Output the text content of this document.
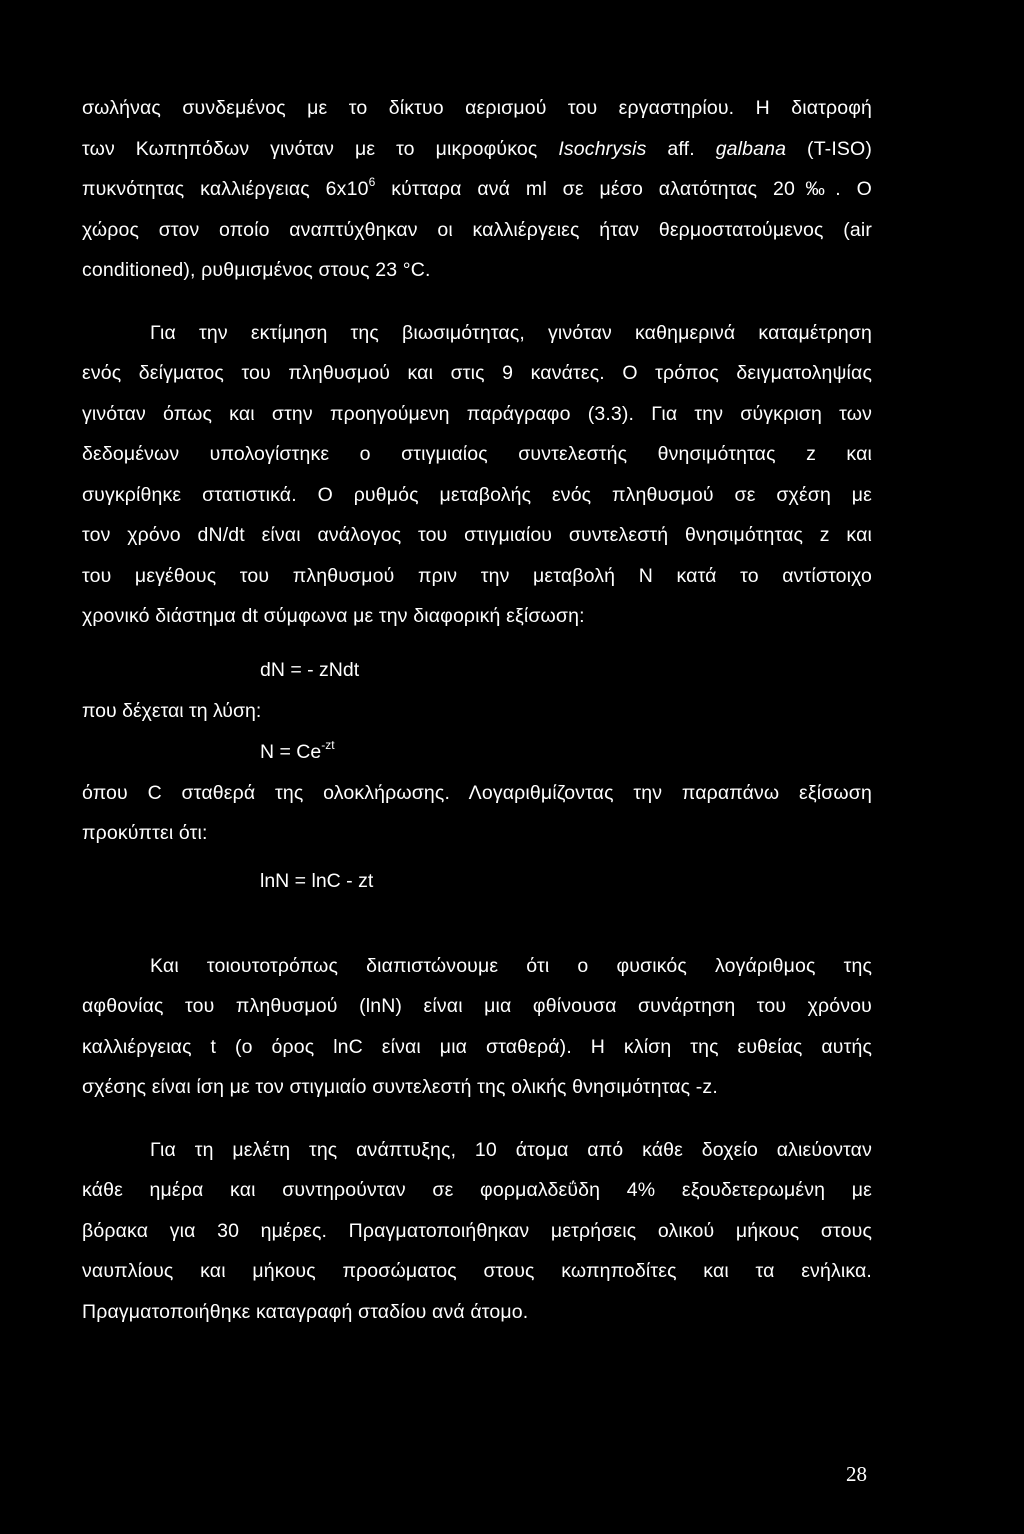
σωλήνας συνδεμένος με το δίκτυο αερισμού του εργαστηρίου. Η διατροφή
των Κωπηπόδων γινόταν με το μικροφύκος Isochrysis aff. galbana (T-ISO)
πυκνότητας καλλιέργειας $6x10^6$ κύτταρα ανά ml σε μέσο αλατότητας 20‰. Ο
χώρος στον οποίο αναπτύχθηκαν οι καλλιέργειες ήταν θερμοστατούμενος (air
conditioned), ρυθμισμένος στους 23 °C.
Για την εκτίμηση της βιωσιμότητας, γινόταν καθημερινά καταμέτρηση
ενός δείγματος του πληθυσμού και στις 9 κανάτες. Ο τρόπος δειγματοληψίας
γινόταν όπως και στην προηγούμενη παράγραφο (3.3). Για την σύγκριση των
δεδομένων υπολογίστηκε ο στιγμιαίος συντελεστής θνησιμότητας z και
συγκρίθηκε στατιστικά. Ο ρυθμός μεταβολής ενός πληθυσμού σε σχέση με
τον χρόνο dN/dt είναι ανάλογος του στιγμιαίου συντελεστή θνησιμότητας z και
του μεγέθους του πληθυσμού πριν την μεταβολή Ν κατά το αντίστοιχο
χρονικό διάστημα dt σύμφωνα με την διαφορική εξίσωση:
dN = - zNdt
που δέχεται τη λύση:
$N = Ce^{-zt}$
όπου C σταθερά της ολοκλήρωσης. Λογαριθμίζοντας την παραπάνω εξίσωση
προκύπτει ότι:
lnN = lnC - zt
Και τοιουτοτρόπως διαπιστώνουμε ότι ο φυσικός λογάριθμος της
αφθονίας του πληθυσμού (lnN) είναι μια φθίνουσα συνάρτηση του χρόνου
καλλιέργειας t (ο όρος lnC είναι μια σταθερά). Η κλίση της ευθείας αυτής
σχέσης είναι ίση με τον στιγμιαίο συντελεστή της ολικής θνησιμότητας -z.
Για τη μελέτη της ανάπτυξης, 10 άτομα από κάθε δοχείο αλιεύονταν
κάθε ημέρα και συντηρούνταν σε φορμαλδεΰδη 4% εξουδετερωμένη με
βόρακα για 30 ημέρες. Πραγματοποιήθηκαν μετρήσεις ολικού μήκους στους
ναυπλίους και μήκους προσώματος στους κωπηποδίτες και τα ενήλικα.
Πραγματοποιήθηκε καταγραφή σταδίου ανά άτομο.
28
